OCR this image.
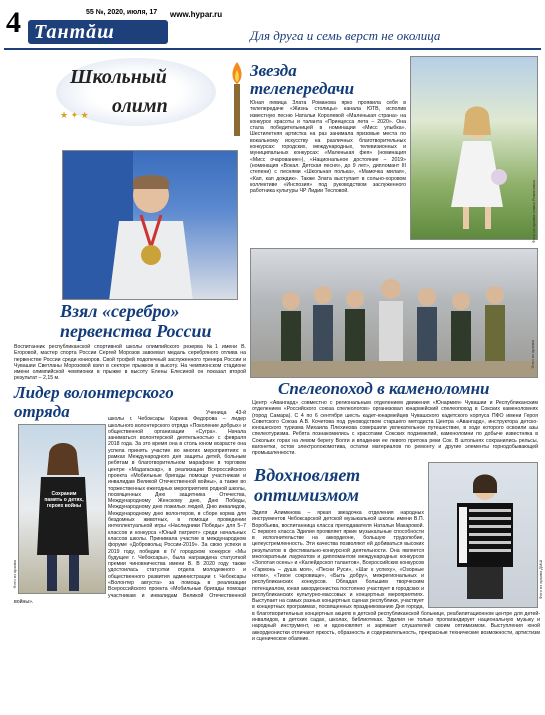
4 Тантăш
55 №, 2020, июля, 17 www.hypar.ru
Для друга и семь верст не околица
Школьный
олимп
★ ✦ ★
Звезда
телепередачи
Юная певица Злата Романова ярко проявила себя в телепередаче «Жизнь столицы» канала ЮТВ, исполив известную песню Натальи Королевой «Маленькая страна» на конкурсе красоты и таланта «Принцесса лета – 2020». Она стала победительницей в номинации «Мисс улыбка». Шестилетняя артистка на раз занимала призовые места по вокальному искусству на различных благотворительных конкурсах: городских, международных, телевизионных и муниципальных конкурсах: «Маленькая фея» (номинация «Мисс очарование»), «Национальное достояние – 2019» (номинация «Вокал. Детская песня», до 9 лет», дипломант III степени) с песнями «Школьная полька», «Мамочка милая», «Кап, кап дождик». Также Злата выступает в сольно-хоровом коллективе «Инспозия» под руководством заслуженного работника культуры ЧР Лидии Тесловой.	Фото из архива семьи Романовых
Взял «серебро»
первенства России
Воспитанник республиканской спортивной школы олимпийского резерва №1 имени В. Егоровой, мастер спорта России Сергей Морозов завоевал медаль серебряного отлива на первенстве России среди юниоров. Свой трофей подопечный заслуженного тренера России и Чувашии Светланы Морозовой взял в секторе прыжков в высоту. На чемпионском стадионе имени олимпийской чемпионки в прыжке в высоту Елены Елесиной он показал второй результат – 2,15 м.
Лидер волонтерского
отряда
Сохраним память о детях, героях войны
Фото из архива
Ученица 43-й школы г. Чебоксары Карина Федорова – лидер школьного волонтерского отряда «Поколение добрых» и общественной организации «Сугра». Начала заниматься волонтерской деятельностью с февраля 2018 года. За это время она в столь юном возрасте она успела принять участие во многих мероприятиях: в рамках Международного дня защиты детей, больным ребятам в благотворительном марафоне в торговом центре «Мадагаскар», в реализации Всероссийского проекта «Мобильные бригады помощи участникам и инвалидам Великой Отечественной войны», а также во торжественных ежегодных мероприятиях родной школы, посвященных Дню защитника Отечества, Международному Женскому дню, Дню Победы, Международному дню пожилых людей, Дню инвалидов, Международному дню волонтеров, в сборе корма для бездомных животных, в помощи проведении интеллектуальной игры «Наследники Победы» для 5–7 классов и конкурса «Юный патриот» среди начальных классов школы. Принимала участие в международном форуме «Добровольц России-2019». За свою успехи в 2019 году, победив в IV городском конкурсе «Мы будущее г. Чебоксары», была награждена статуэткой премии чиновничества имени В. В 2020 году также удостоилась статуэтки отдела молодежного и общественного развития администрации г. Чебоксары «Волонтер августа» за помощь в реализации Всероссийского проекта «Мобильные бригады помощи участникам и инвалидам Великой Отечественной войны».
Фото из архива
Спелеопоход в каменоломни
Центр «Авангард» совместно с региональным отделением движения «Юнармия» Чувашии и Республиканским отделением «Российского союза спелеологов» организовал юнармейский спелеопоход в Сокских каменоломнях (город Самара). С 4 по 6 сентября шесть кадет-юнармейцев Чувашского кадетского корпуса ПФО имени Героя Советского Союза А.В. Кочетова под руководством старшего методиста Центра «Авангард», инструктора детско-юношеского туризма Михаила Плехинова совершили увлекательное путешествие, в ходе которого освоили азы спелеотуризма. Ребята познакомились с красотами Сокских подземелий, каменоломни по добыче известняка в Сокольих горах на левом берегу Волги и впадении ее левого притока реки Сок. В штольнях сохранились рельсы, вагонетки, остов электролокомотива, остатки материалов по ремонту и другие элементы горнодобывающей промышленности.
Вдохновляет
оптимизмом
Фото из архива ДМШ
Эдиля Алимкнова – яркая звездочка отделения народных инструментов Чебоксарской детской музыкальной школы имени В.П. Воробьева, воспитанница класса преподавателя Натальи Макаровой. С первого класса Эдилия проявляет яркие музыкальные способности в исполнительстве на аккордеоне, большую трудолюбие, целеустремленность. Эти качества позволяют ей добиваться высоких результатов в фестивально-конкурсной деятельности. Она является многократным лауреатом и дипломантом международных конкурсов «Золотая осень» и «Калейдоскоп талантов», Всероссийских конкурсов «Гармонь – душа моя», «Песни Руси», «Шаг к успеху», «Озорные нотки», «Тихое сокровище», «Быть добру», межрегиональных и республиканских конкурсов. Обладая большим творческим потенциалом, юная аккордеонистка постоянно участвует в городских и республиканских культурно-массовых и концертных мероприятиях. Выступает на самых разных концертных сценах республики, участвует в концертных программах, посвященных праздникованию Дня города, в благотворительных концертных акциях в детской республиканской больнице, реабилитационном центре для детей-инвалидов, в детских садах, школах, библиотеках. Эдилия не только пропагандирует национальную музыку и народный инструмент, но и вдохновляет и заряжает слушателей своим оптимизмом. Выступления юной аккордеонистки отличают яркость, образность и содержательность, прекрасные технические возможности, артистизм и сценическое обаяние.
